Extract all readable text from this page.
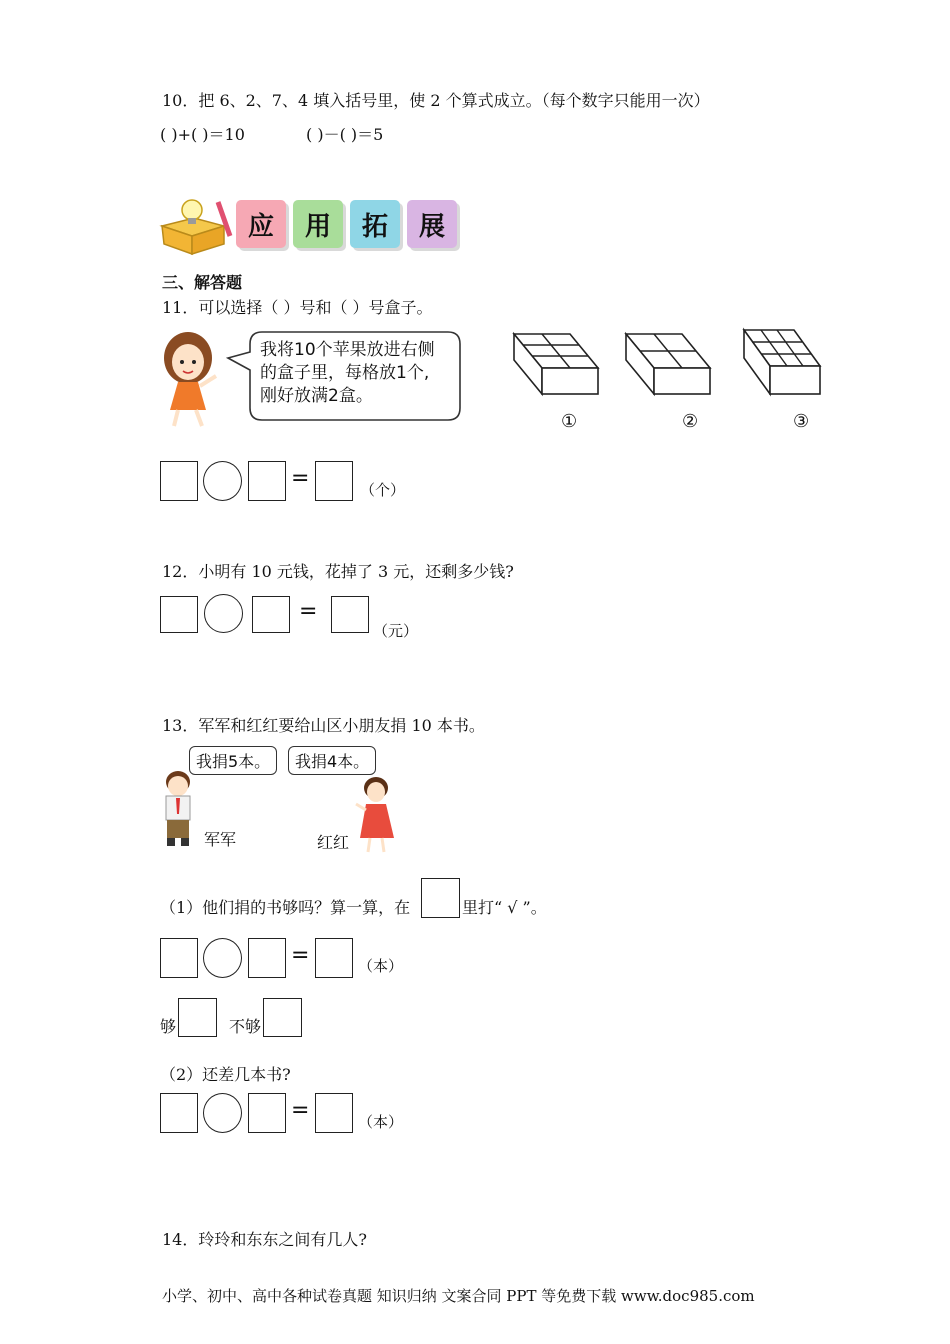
10．把 6、2、7、4 填入括号里，使 2 个算式成立。（每个数字只能用一次）
( )+( )＝10	( )－( )＝5
应	用	拓	展
三、解答题
11．可以选择（ ）号和（ ）号盒子。
我将10个苹果放进右侧
的盒子里，每格放1个,
刚好放满2盒。
①	②	③
=	（个）
12．小明有 10 元钱，花掉了 3 元，还剩多少钱?
=
（元）
13．军军和红红要给山区小朋友捐 10 本书。
我捐5本。	我捐4本。
军军	红红
（1）他们捐的书够吗？算一算，在	里打“ √ ”。
=	（本）
够	不够
（2）还差几本书?
=	（本）
14．玲玲和东东之间有几人?
小学、初中、高中各种试卷真题 知识归纳 文案合同 PPT 等免费下载 www.doc985.com
